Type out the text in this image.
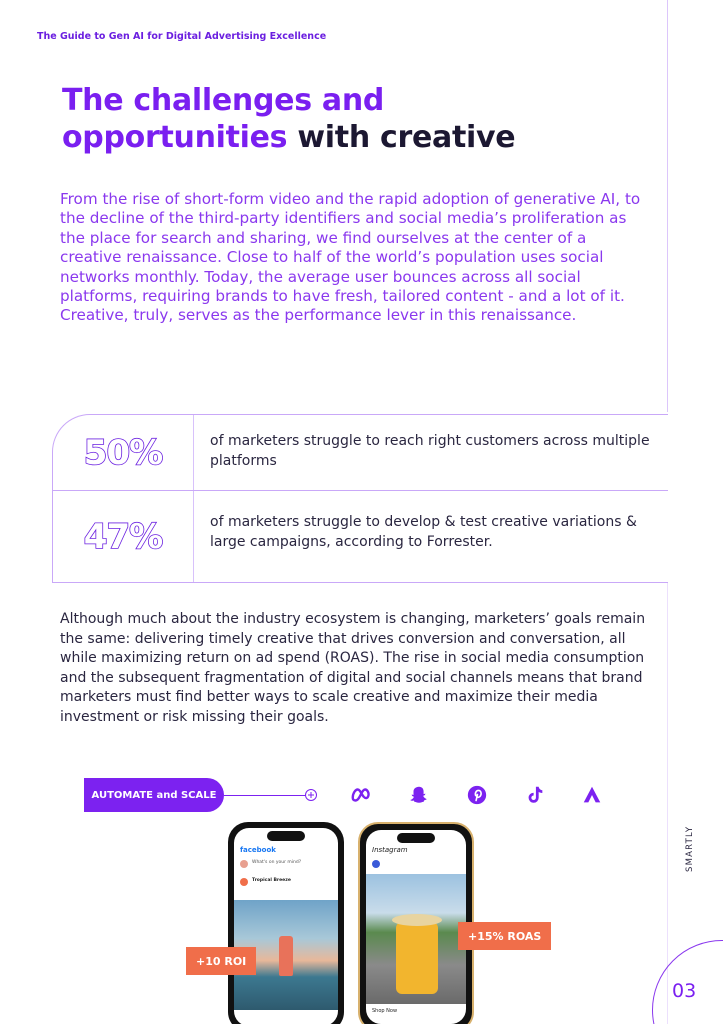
The Guide to Gen AI for Digital Advertising Excellence
The challenges and
opportunities with creative

From the rise of short-form video and the rapid adoption of generative AI, to the decline of the third-party identifiers and social media’s proliferation as the place for search and sharing, we find ourselves at the center of a creative renaissance. Close to half of the world’s population uses social networks monthly. Today, the average user bounces across all social platforms, requiring brands to have fresh, tailored content - and a lot of it. Creative, truly, serves as the performance lever in this renaissance.

50%	of marketers struggle to reach right customers across multiple platforms
47%	of marketers struggle to develop & test creative variations & large campaigns, according to Forrester.

Although much about the industry ecosystem is changing, marketers’ goals remain the same: delivering timely creative that drives conversion and conversation, all while maximizing return on ad spend (ROAS). The rise in social media consumption and the subsequent fragmentation of digital and social channels means that brand marketers must find better ways to scale creative and maximize their media investment or risk missing their goals.

AUTOMATE and SCALE
facebook
What's on your mind?
Tropical Breeze
Instagram
Shop Now
+10 ROI
+15% ROAS
SMARTLY
03
